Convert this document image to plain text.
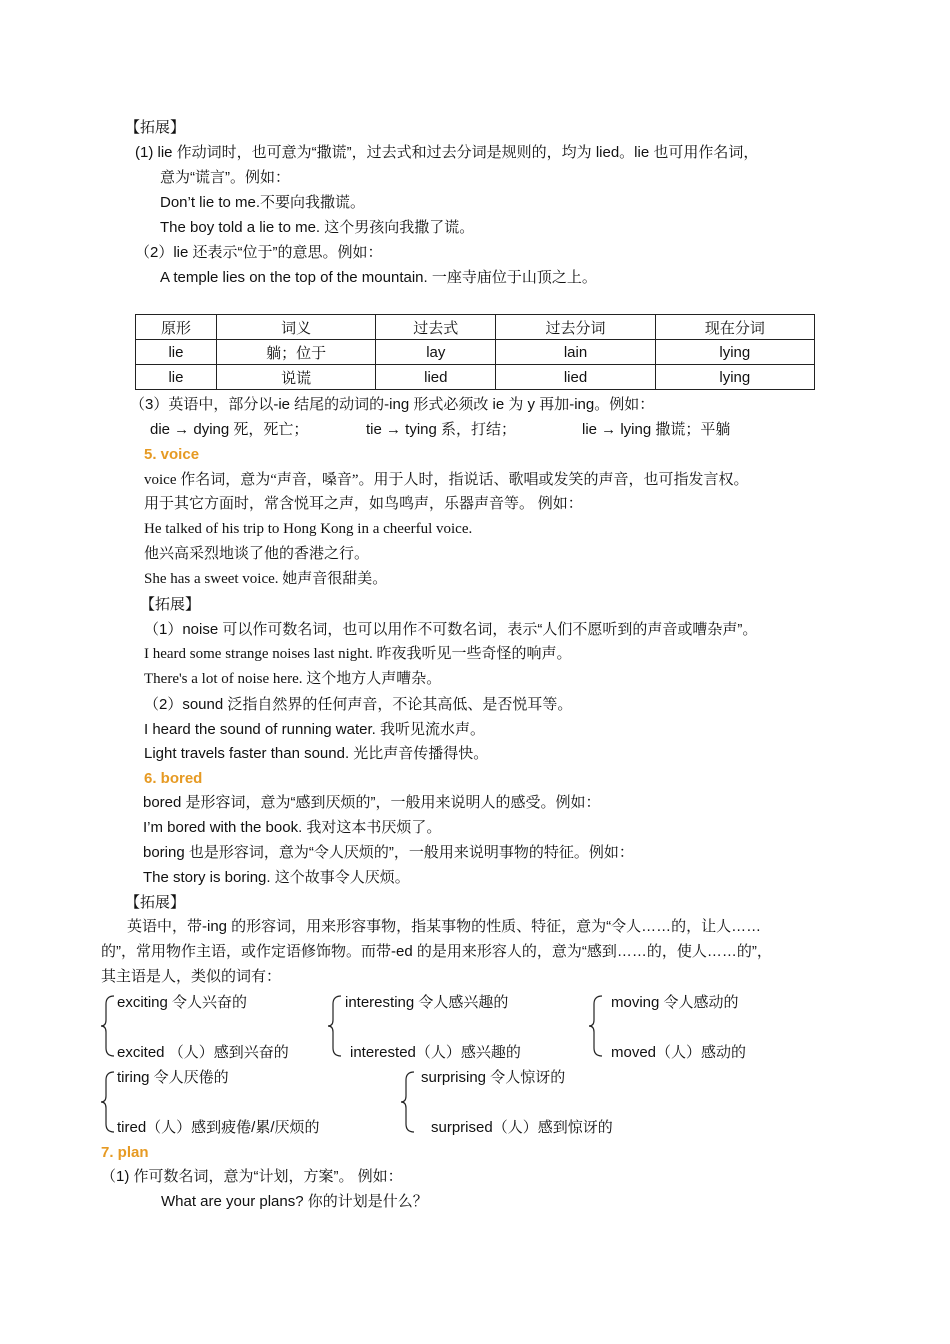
【拓展】
(1) lie 作动词时，也可意为“撒谎”，过去式和过去分词是规则的，均为 lied。lie 也可用作名词，
意为“谎言”。例如：
Don’t lie to me.不要向我撒谎。
The boy told a lie to me. 这个男孩向我撒了谎。
（2）lie 还表示“位于”的意思。例如：
A temple lies on the top of the mountain. 一座寺庙位于山顶之上。
原形	词义	过去式	过去分词	现在分词
lie	躺；位于	lay	lain	lying
lie	说谎	lied	lied	lying
（3）英语中，部分以-ie 结尾的动词的-ing 形式必须改 ie 为 y 再加-ing。例如：
die → dying 死，死亡；	tie → tying 系，打结；	lie → lying 撒谎；平躺
5. voice
voice 作名词，意为“声音，嗓音”。用于人时，指说话、歌唱或发笑的声音，也可指发言权。
用于其它方面时，常含悦耳之声，如鸟鸣声，乐器声音等。 例如：
He talked of his trip to Hong Kong in a cheerful voice.
他兴高采烈地谈了他的香港之行。
She has a sweet voice. 她声音很甜美。
【拓展】
（1）noise 可以作可数名词，也可以用作不可数名词，表示“人们不愿听到的声音或嘈杂声”。
I heard some strange noises last night. 昨夜我听见一些奇怪的响声。
There's a lot of noise here. 这个地方人声嘈杂。
（2）sound 泛指自然界的任何声音，不论其高低、是否悦耳等。
I heard the sound of running water. 我听见流水声。
Light travels faster than sound. 光比声音传播得快。
6. bored
bored 是形容词，意为“感到厌烦的”，一般用来说明人的感受。例如：
I’m bored with the book. 我对这本书厌烦了。
boring 也是形容词，意为“令人厌烦的”，一般用来说明事物的特征。例如：
The story is boring. 这个故事令人厌烦。
【拓展】
英语中，带-ing 的形容词，用来形容事物，指某事物的性质、特征，意为“令人……的，让人……
的”，常用物作主语，或作定语修饰物。而带-ed 的是用来形容人的，意为“感到……的，使人……的”，
其主语是人，类似的词有：
exciting 令人兴奋的
excited （人）感到兴奋的
interesting 令人感兴趣的
interested（人）感兴趣的
moving 令人感动的
moved（人）感动的
tiring 令人厌倦的
tired（人）感到疲倦/累/厌烦的
surprising 令人惊讶的
surprised（人）感到惊讶的
7. plan
（1) 作可数名词，意为“计划，方案”。 例如：
What are your plans? 你的计划是什么？
